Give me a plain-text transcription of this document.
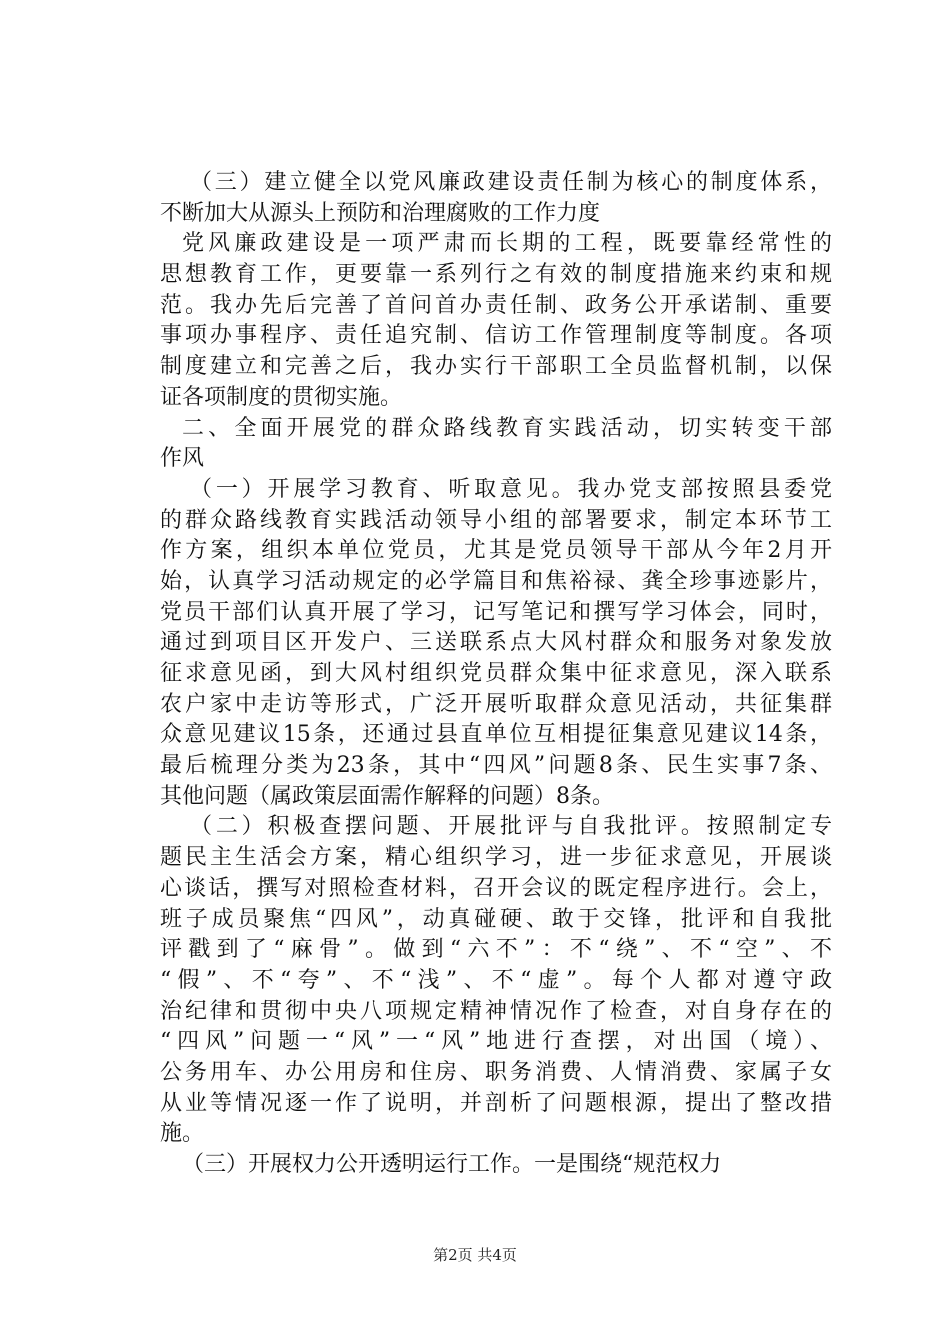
（三）建立健全以党风廉政建设责任制为核心的制度体系，
不断加大从源头上预防和治理腐败的工作力度
党风廉政建设是一项严肃而长期的工程，既要靠经常性的
思想教育工作，更要靠一系列行之有效的制度措施来约束和规
范。我办先后完善了首问首办责任制、政务公开承诺制、重要
事项办事程序、责任追究制、信访工作管理制度等制度。各项
制度建立和完善之后，我办实行干部职工全员监督机制，以保
证各项制度的贯彻实施。
二、全面开展党的群众路线教育实践活动，切实转变干部
作风
（一）开展学习教育、听取意见。我办党支部按照县委党
的群众路线教育实践活动领导小组的部署要求，制定本环节工
作方案，组织本单位党员，尤其是党员领导干部从今年2月开
始，认真学习活动规定的必学篇目和焦裕禄、龚全珍事迹影片，
党员干部们认真开展了学习，记写笔记和撰写学习体会，同时，
通过到项目区开发户、三送联系点大风村群众和服务对象发放
征求意见函，到大风村组织党员群众集中征求意见，深入联系
农户家中走访等形式，广泛开展听取群众意见活动，共征集群
众意见建议15条，还通过县直单位互相提征集意见建议14条，
最后梳理分类为23条，其中“四风”问题8条、民生实事7条、
其他问题（属政策层面需作解释的问题）8条。
（二）积极查摆问题、开展批评与自我批评。按照制定专
题民主生活会方案，精心组织学习，进一步征求意见，开展谈
心谈话，撰写对照检查材料，召开会议的既定程序进行。会上，
班子成员聚焦“四风”，动真碰硬、敢于交锋，批评和自我批
评戳到了“麻骨”。做到“六不”：不“绕”、不“空”、不
“假”、不“夸”、不“浅”、不“虚”。每个人都对遵守政
治纪律和贯彻中央八项规定精神情况作了检查，对自身存在的
“四风”问题一“风”一“风”地进行查摆，对出国（境）、
公务用车、办公用房和住房、职务消费、人情消费、家属子女
从业等情况逐一作了说明，并剖析了问题根源，提出了整改措
施。
（三）开展权力公开透明运行工作。一是围绕“规范权力
第2页 共4页
